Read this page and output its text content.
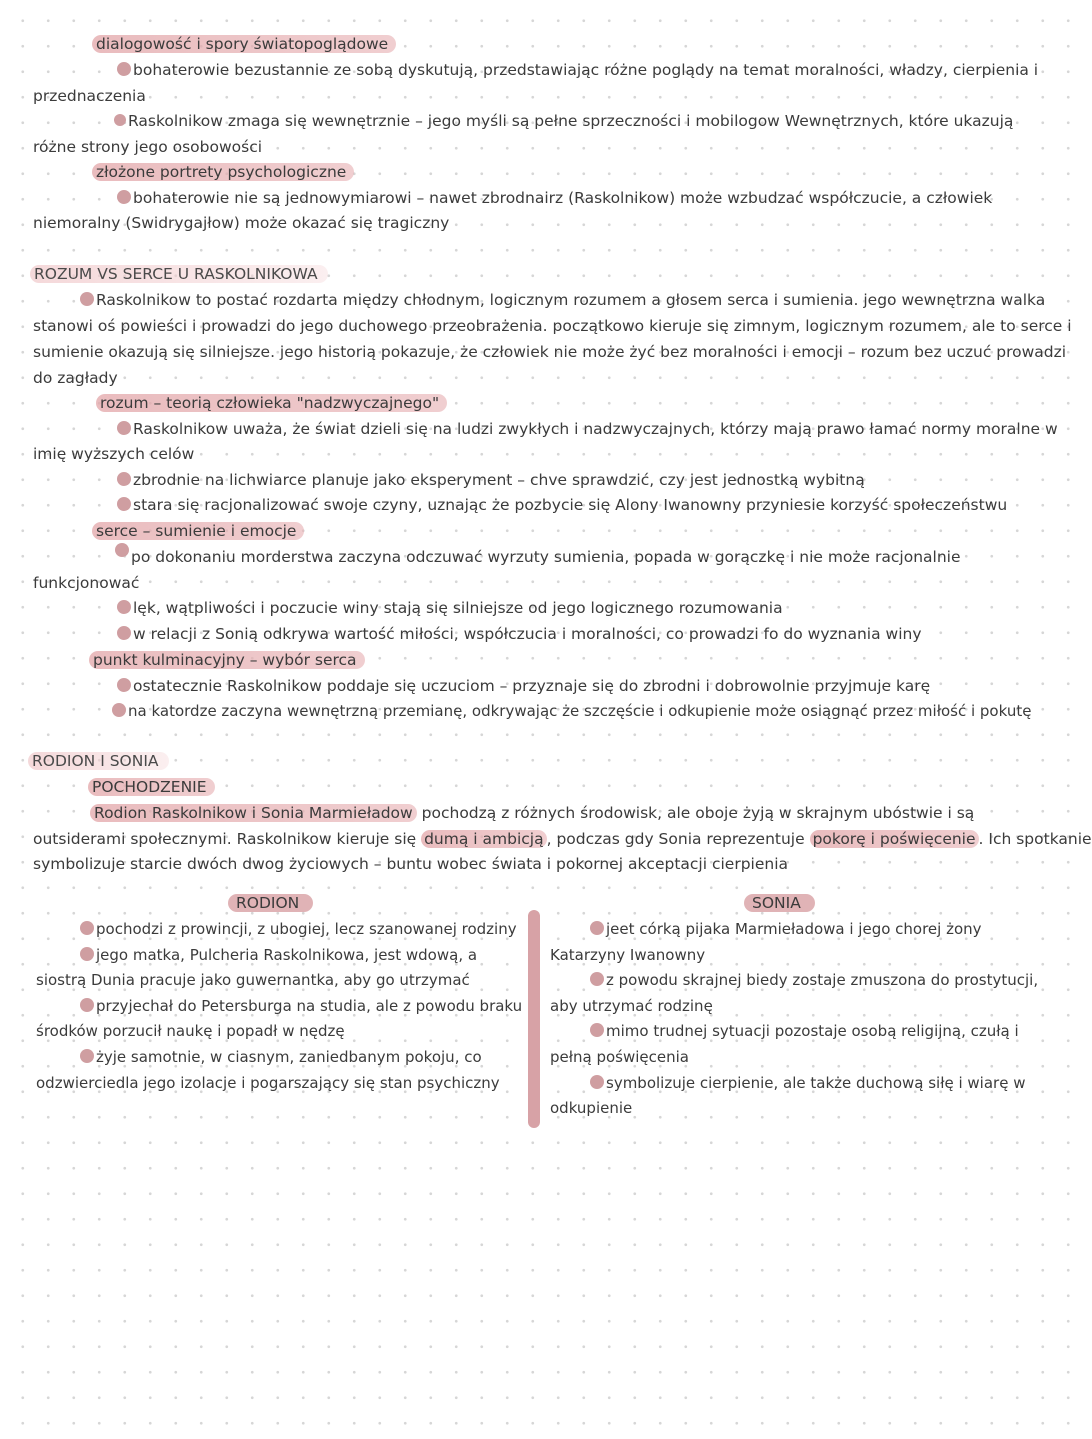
dialogowość i spory światopoglądowe
bohaterowie bezustannie ze sobą dyskutują, przedstawiając różne poglądy na temat moralności, władzy, cierpienia i
przednaczenia
Raskolnikow zmaga się wewnętrznie – jego myśli są pełne sprzeczności i mobilogow Wewnętrznych, które ukazują
różne strony jego osobowości
złożone portrety psychologiczne
bohaterowie nie są jednowymiarowi – nawet zbrodnairz (Raskolnikow) może wzbudzać współczucie, a człowiek
niemoralny (Swidrygajłow) może okazać się tragiczny
ROZUM VS SERCE U RASKOLNIKOWA
Raskolnikow to postać rozdarta między chłodnym, logicznym rozumem a głosem serca i sumienia. jego wewnętrzna walka
stanowi oś powieści i prowadzi do jego duchowego przeobrażenia. początkowo kieruje się zimnym, logicznym rozumem, ale to serce i
sumienie okazują się silniejsze. jego historią pokazuje, że człowiek nie może żyć bez moralności i emocji – rozum bez uczuć prowadzi
do zagłady
rozum – teorią człowieka "nadzwyczajnego"
Raskolnikow uważa, że świat dzieli się na ludzi zwykłych i nadzwyczajnych, którzy mają prawo łamać normy moralne w
imię wyższych celów
zbrodnie na lichwiarce planuje jako eksperyment – chve sprawdzić, czy jest jednostką wybitną
stara się racjonalizować swoje czyny, uznając że pozbycie się Alony Iwanowny przyniesie korzyść społeczeństwu
serce – sumienie i emocje
po dokonaniu morderstwa zaczyna odczuwać wyrzuty sumienia, popada w gorączkę i nie może racjonalnie
funkcjonować
lęk, wątpliwości i poczucie winy stają się silniejsze od jego logicznego rozumowania
w relacji z Sonią odkrywa wartość miłości, współczucia i moralności, co prowadzi fo do wyznania winy
punkt kulminacyjny – wybór serca
ostatecznie Raskolnikow poddaje się uczuciom – przyznaje się do zbrodni i dobrowolnie przyjmuje karę
na katordze zaczyna wewnętrzną przemianę, odkrywając że szczęście i odkupienie może osiągnąć przez miłość i pokutę
RODION I SONIA
POCHODZENIE
Rodion Raskolnikow i Sonia Marmieładow pochodzą z różnych środowisk, ale oboje żyją w skrajnym ubóstwie i są
outsiderami społecznymi. Raskolnikow kieruje się dumą i ambicją , podczas gdy Sonia reprezentuje pokorę i poświęcenie . Ich spotkanie
symbolizuje starcie dwóch dwog życiowych – buntu wobec świata i pokornej akceptacji cierpienia
RODION	SONIA
pochodzi z prowincji, z ubogiej, lecz szanowanej rodziny
jego matka, Pulcheria Raskolnikowa, jest wdową, a
siostrą Dunia pracuje jako guwernantka, aby go utrzymać
przyjechał do Petersburga na studia, ale z powodu braku
środków porzucił naukę i popadł w nędzę
żyje samotnie, w ciasnym, zaniedbanym pokoju, co
odzwierciedla jego izolacje i pogarszający się stan psychiczny
jeet córką pijaka Marmieładowa i jego chorej żony
Katarzyny Iwanowny
z powodu skrajnej biedy zostaje zmuszona do prostytucji,
aby utrzymać rodzinę
mimo trudnej sytuacji pozostaje osobą religijną, czułą i
pełną poświęcenia
symbolizuje cierpienie, ale także duchową siłę i wiarę w
odkupienie
